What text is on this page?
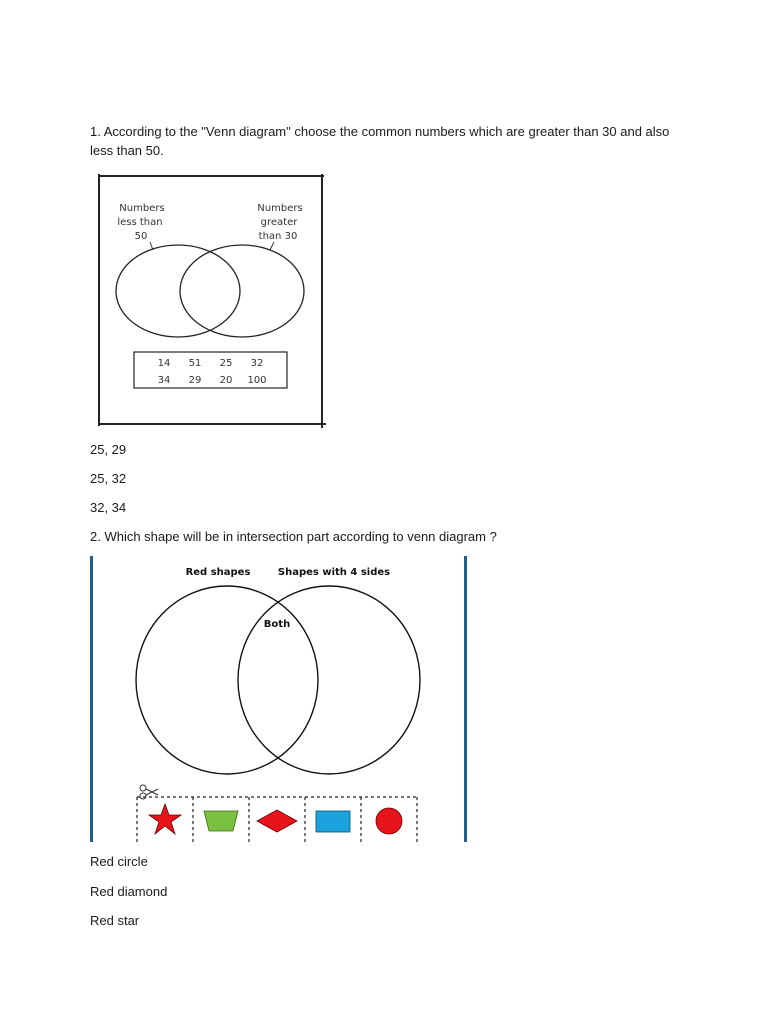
1. According to the "Venn diagram" choose the common numbers which are greater than 30 and also less than 50.
Numbers
less than
50
Numbers
greater
than 30
14 51 25 32
34 29 20 100
25, 29
25, 32
32, 34
2. Which shape will be in intersection part according to venn diagram ?
Red shapes	Shapes with 4 sides
Both
Red circle
Red diamond
Red star
